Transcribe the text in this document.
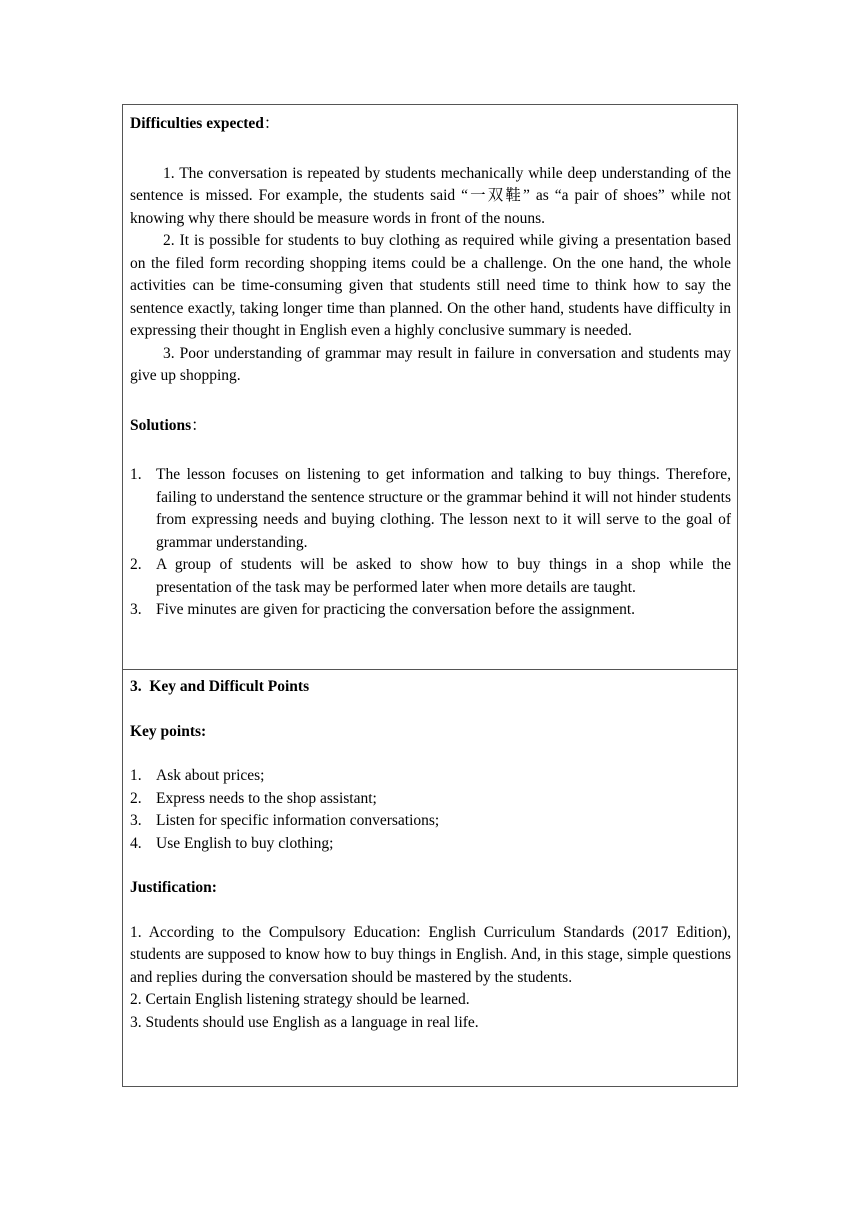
Difficulties expected：

1. The conversation is repeated by students mechanically while deep understanding of the sentence is missed. For example, the students said “一双鞋” as “a pair of shoes” while not knowing why there should be measure words in front of the nouns.

2. It is possible for students to buy clothing as required while giving a presentation based on the filed form recording shopping items could be a challenge. On the one hand, the whole activities can be time-consuming given that students still need time to think how to say the sentence exactly, taking longer time than planned. On the other hand, students have difficulty in expressing their thought in English even a highly conclusive summary is needed.

3. Poor understanding of grammar may result in failure in conversation and students may give up shopping.

Solutions：
1. The lesson focuses on listening to get information and talking to buy things. Therefore, failing to understand the sentence structure or the grammar behind it will not hinder students from expressing needs and buying clothing. The lesson next to it will serve to the goal of grammar understanding.
2. A group of students will be asked to show how to buy things in a shop while the presentation of the task may be performed later when more details are taught.
3. Five minutes are given for practicing the conversation before the assignment.
3.  Key and Difficult Points
Key points:
1. Ask about prices;
2. Express needs to the shop assistant;
3. Listen for specific information conversations;
4. Use English to buy clothing;
Justification:

1. According to the Compulsory Education: English Curriculum Standards (2017 Edition), students are supposed to know how to buy things in English. And, in this stage, simple questions and replies during the conversation should be mastered by the students.

2. Certain English listening strategy should be learned.

3. Students should use English as a language in real life.
